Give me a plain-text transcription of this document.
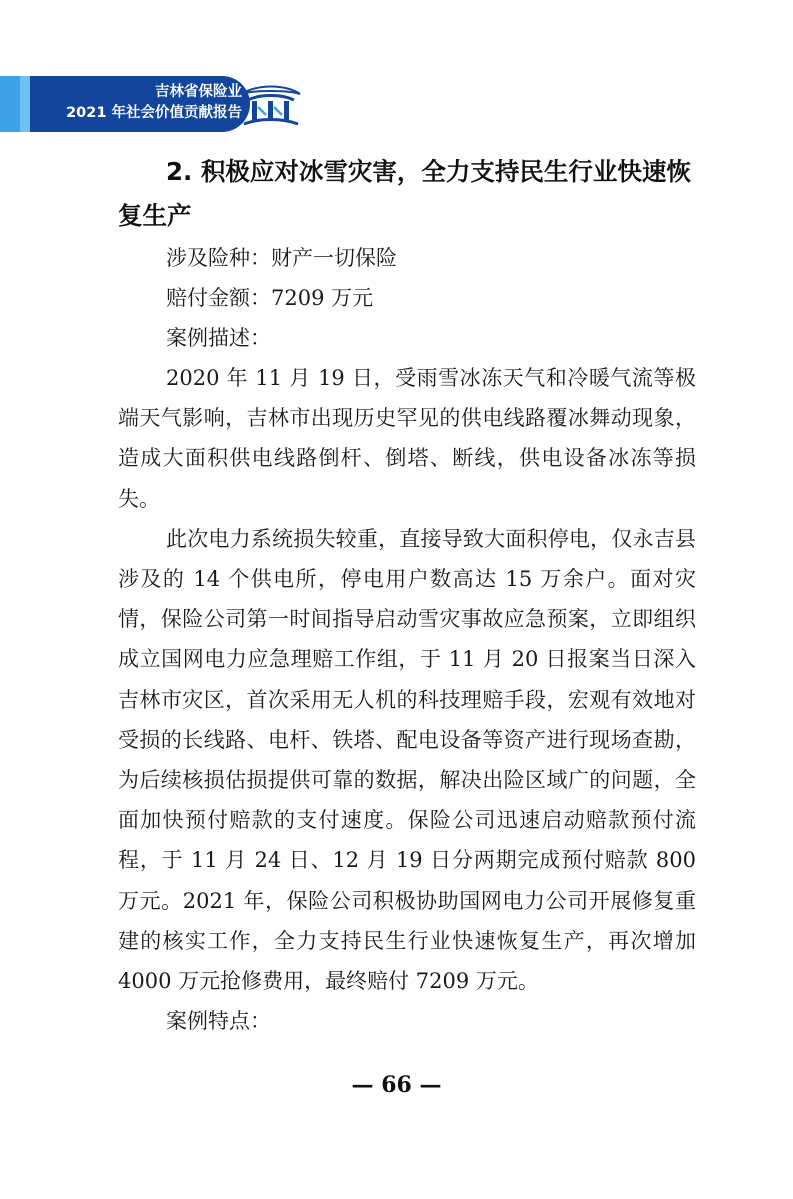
吉林省保险业
2021 年社会价值贡献报告
2. 积极应对冰雪灾害，全力支持民生行业快速恢复生产

涉及险种：财产一切保险

赔付金额：7209 万元

案例描述：

2020 年 11 月 19 日，受雨雪冰冻天气和冷暖气流等极端天气影响，吉林市出现历史罕见的供电线路覆冰舞动现象，造成大面积供电线路倒杆、倒塔、断线，供电设备冰冻等损失。

此次电力系统损失较重，直接导致大面积停电，仅永吉县涉及的 14 个供电所，停电用户数高达 15 万余户。面对灾情，保险公司第一时间指导启动雪灾事故应急预案，立即组织成立国网电力应急理赔工作组，于 11 月 20 日报案当日深入吉林市灾区，首次采用无人机的科技理赔手段，宏观有效地对受损的长线路、电杆、铁塔、配电设备等资产进行现场查勘，为后续核损估损提供可靠的数据，解决出险区域广的问题，全面加快预付赔款的支付速度。保险公司迅速启动赔款预付流程，于 11 月 24 日、12 月 19 日分两期完成预付赔款 800 万元。2021 年，保险公司积极协助国网电力公司开展修复重建的核实工作，全力支持民生行业快速恢复生产，再次增加 4000 万元抢修费用，最终赔付 7209 万元。

案例特点：

— 66 —
